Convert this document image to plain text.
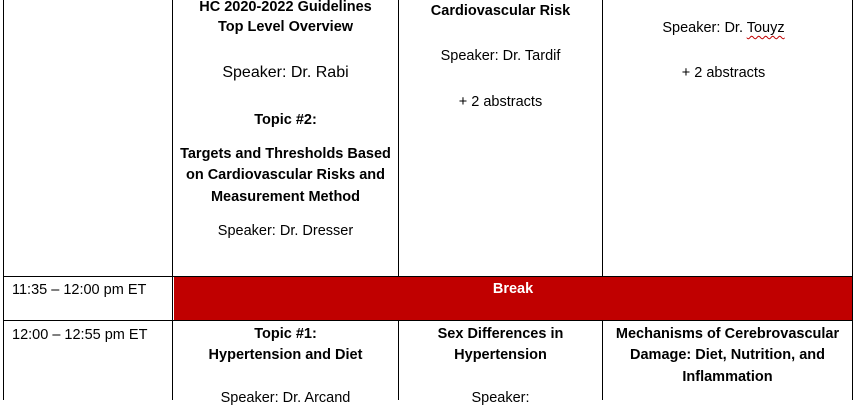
HC 2020-2022 Guidelines
Top Level Overview
Speaker: Dr. Rabi
Topic #2:
Targets and Thresholds Based
on Cardiovascular Risks and
Measurement Method
Speaker: Dr. Dresser
Cardiovascular Risk
Speaker: Dr. Tardif
+ 2 abstracts
Speaker: Dr. Touyz
+ 2 abstracts
11:35 – 12:00 pm ET	Break
12:00 – 12:55 pm ET	Topic #1:
Hypertension and Diet
Speaker: Dr. Arcand
Sex Differences in
Hypertension
Speaker:
Mechanisms of Cerebrovascular
Damage: Diet, Nutrition, and
Inflammation
